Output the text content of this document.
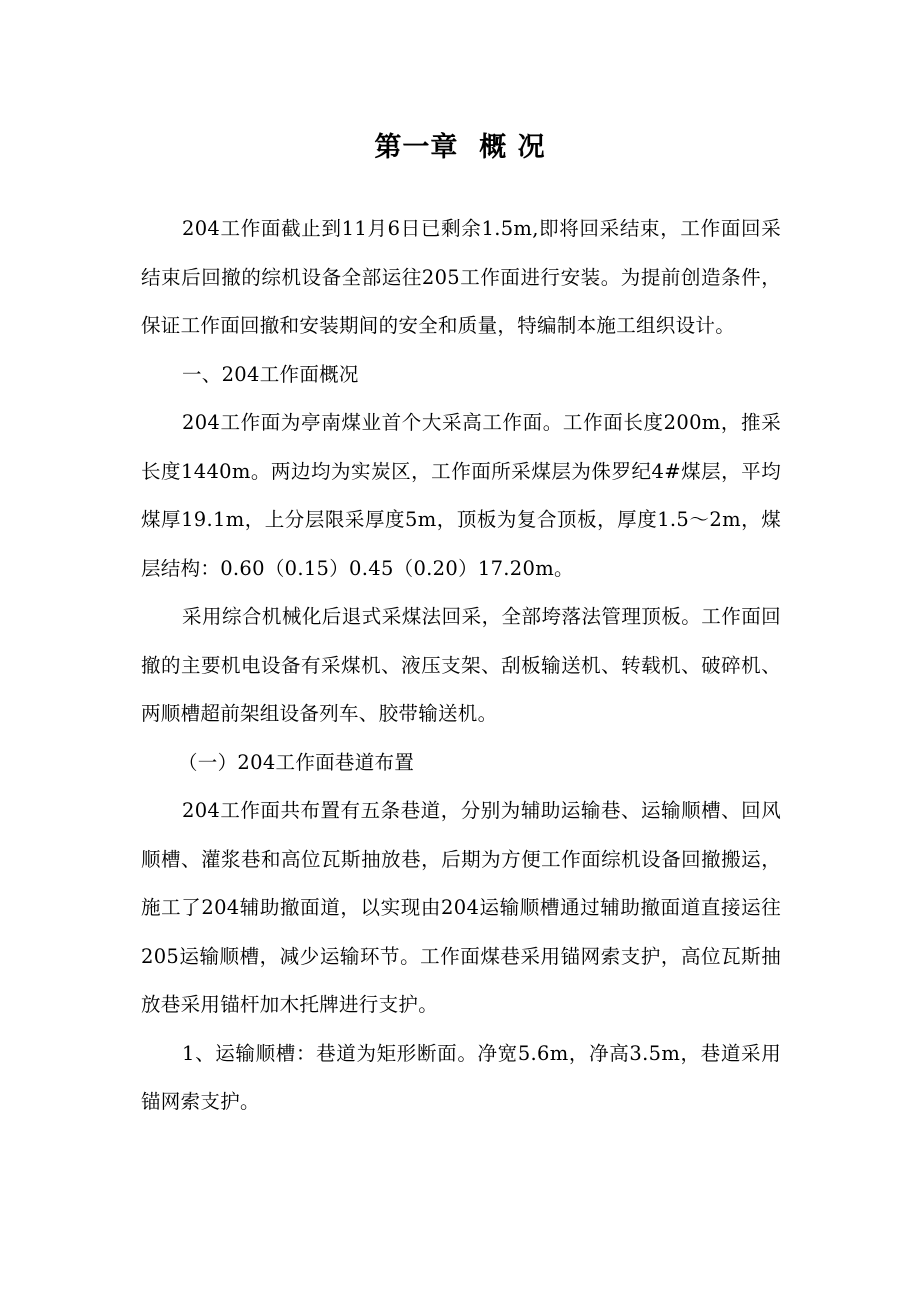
第一章  概 况

204工作面截止到11月6日已剩余1.5m,即将回采结束，工作面回采结束后回撤的综机设备全部运往205工作面进行安装。为提前创造条件，保证工作面回撤和安装期间的安全和质量，特编制本施工组织设计。

一、204工作面概况

204工作面为亭南煤业首个大采高工作面。工作面长度200m，推采长度1440m。两边均为实炭区，工作面所采煤层为侏罗纪4#煤层，平均煤厚19.1m，上分层限采厚度5m，顶板为复合顶板，厚度1.5～2m，煤层结构：0.60（0.15）0.45（0.20）17.20m。

采用综合机械化后退式采煤法回采，全部垮落法管理顶板。工作面回撤的主要机电设备有采煤机、液压支架、刮板输送机、转载机、破碎机、两顺槽超前架组设备列车、胶带输送机。

（一）204工作面巷道布置

204工作面共布置有五条巷道，分别为辅助运输巷、运输顺槽、回风顺槽、灌浆巷和高位瓦斯抽放巷，后期为方便工作面综机设备回撤搬运，施工了204辅助撤面道，以实现由204运输顺槽通过辅助撤面道直接运往205运输顺槽，减少运输环节。工作面煤巷采用锚网索支护，高位瓦斯抽放巷采用锚杆加木托牌进行支护。

1、运输顺槽：巷道为矩形断面。净宽5.6m，净高3.5m，巷道采用锚网索支护。
